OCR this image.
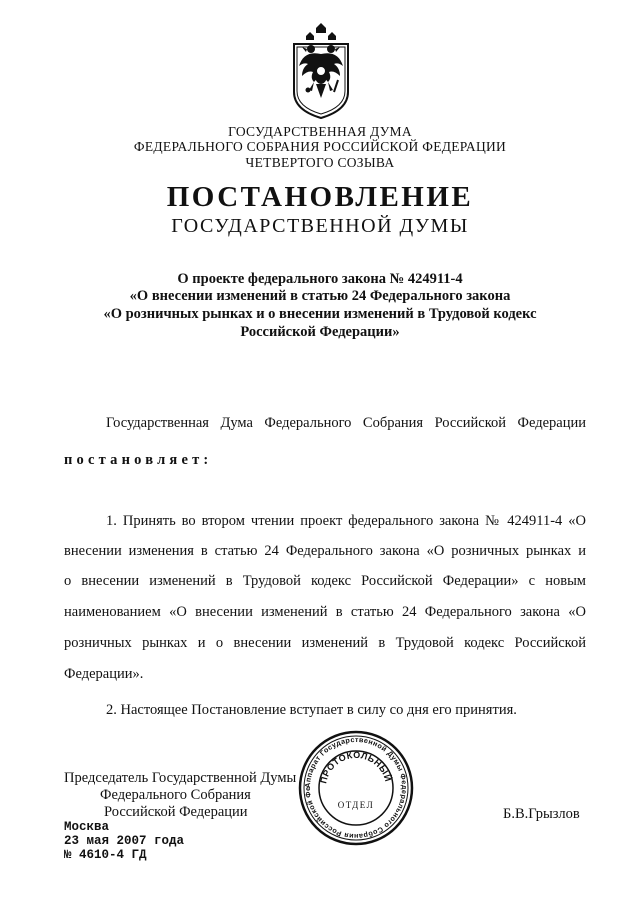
ГОСУДАРСТВЕННАЯ ДУМА
ФЕДЕРАЛЬНОГО СОБРАНИЯ РОССИЙСКОЙ ФЕДЕРАЦИИ
ЧЕТВЕРТОГО СОЗЫВА
ПОСТАНОВЛЕНИЕ
ГОСУДАРСТВЕННОЙ ДУМЫ
О проекте федерального закона № 424911-4
«О внесении изменений в статью 24 Федерального закона
«О розничных рынках и о внесении изменений в Трудовой кодекс
Российской Федерации»
Государственная Дума Федерального Собрания Российской Федерации
постановляет:
1. Принять во втором чтении проект федерального закона № 424911-4 «О
внесении изменения в статью 24 Федерального закона «О розничных рынках и
о внесении изменений в Трудовой кодекс Российской Федерации» с новым
наименованием «О внесении изменений в статью 24 Федерального закона «О
розничных рынках и о внесении изменений в Трудовой кодекс Российской
Федерации».
2. Настоящее Постановление вступает в силу со дня его принятия.
Председатель Государственной Думы
Федерального Собрания
Российской Федерации	Б.В.Грызлов
Москва
23 мая 2007 года
№ 4610-4 ГД
Аппарат Государственной Думы Федерального Собрания Российской Фе
ПРОТОКОЛЬНЫЙ
ОТДЕЛ
